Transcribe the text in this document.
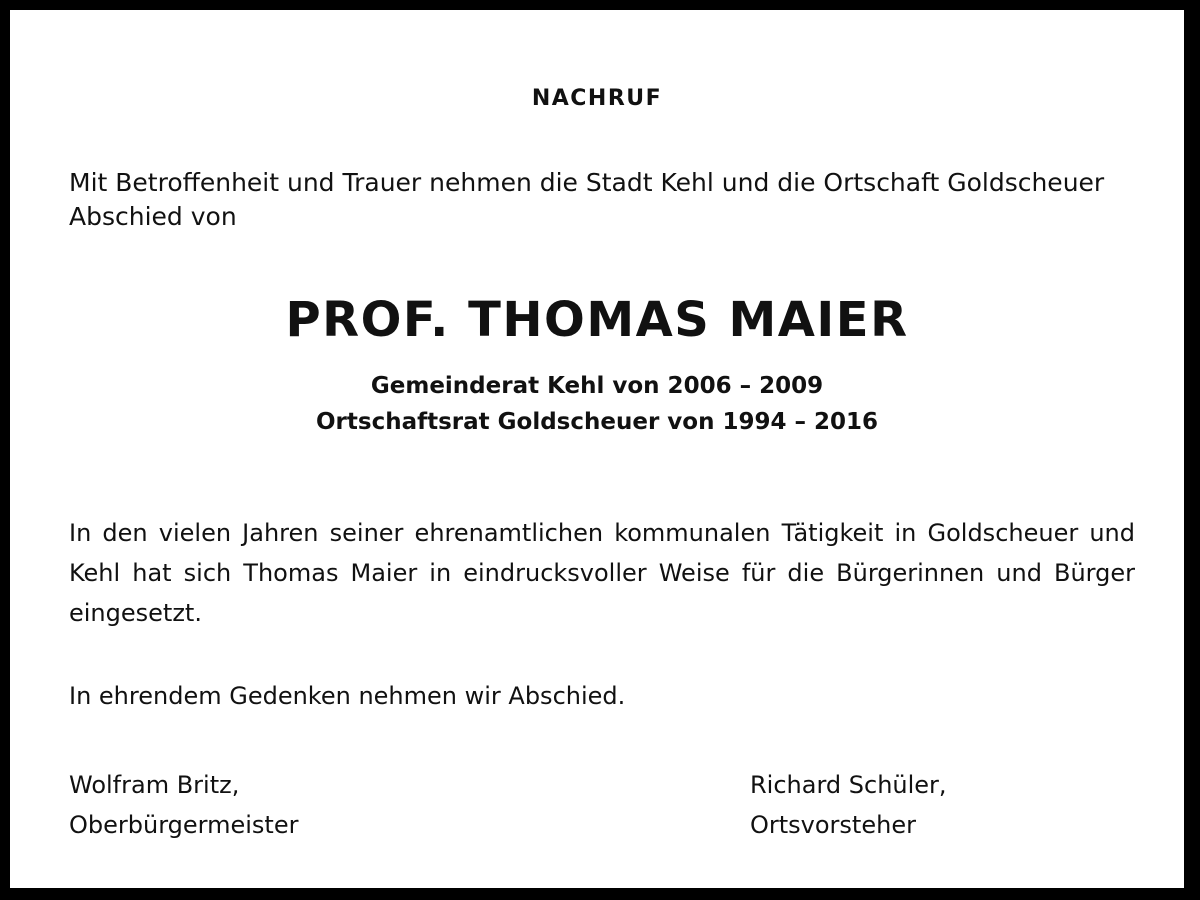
NACHRUF
Mit Betroffenheit und Trauer nehmen die Stadt Kehl und die Ortschaft Goldscheuer Abschied von
PROF. THOMAS MAIER
Gemeinderat Kehl von 2006 – 2009
Ortschaftsrat Goldscheuer von 1994 – 2016
In den vielen Jahren seiner ehrenamtlichen kommunalen Tätigkeit in Goldscheuer und Kehl hat sich Thomas Maier in eindrucksvoller Weise für die Bürgerinnen und Bürger eingesetzt.
In ehrendem Gedenken nehmen wir Abschied.
Wolfram Britz,
Oberbürgermeister
Richard Schüler,
Ortsvorsteher
